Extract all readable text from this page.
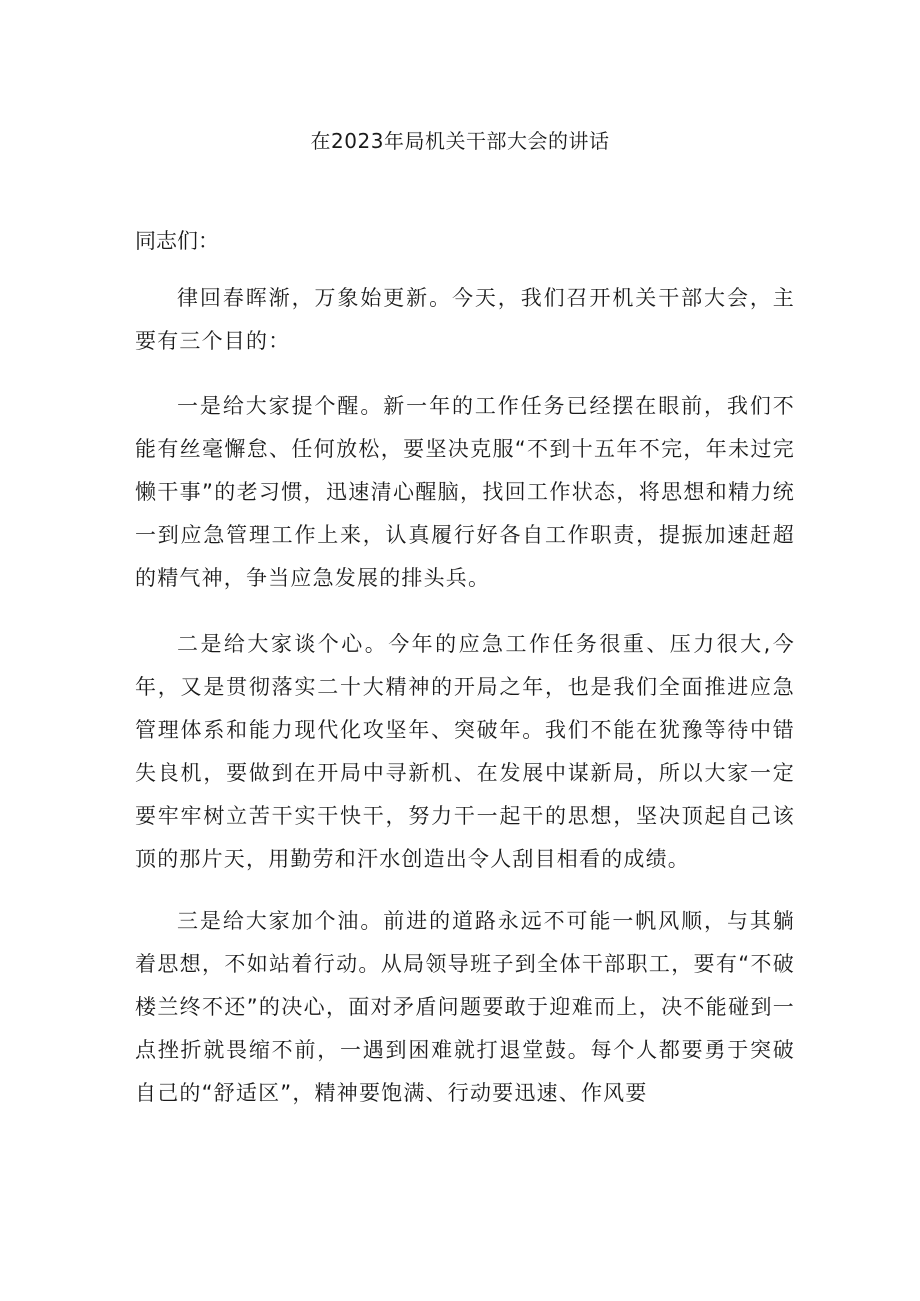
在2023年局机关干部大会的讲话
同志们：

律回春晖渐，万象始更新。今天，我们召开机关干部大会，主要有三个目的：

一是给大家提个醒。新一年的工作任务已经摆在眼前，我们不能有丝毫懈怠、任何放松，要坚决克服“不到十五年不完，年未过完懒干事”的老习惯，迅速清心醒脑，找回工作状态，将思想和精力统一到应急管理工作上来，认真履行好各自工作职责，提振加速赶超的精气神，争当应急发展的排头兵。

二是给大家谈个心。今年的应急工作任务很重、压力很大,今年，又是贯彻落实二十大精神的开局之年，也是我们全面推进应急管理体系和能力现代化攻坚年、突破年。我们不能在犹豫等待中错失良机，要做到在开局中寻新机、在发展中谋新局，所以大家一定要牢牢树立苦干实干快干，努力干一起干的思想，坚决顶起自己该顶的那片天，用勤劳和汗水创造出令人刮目相看的成绩。

三是给大家加个油。前进的道路永远不可能一帆风顺，与其躺着思想，不如站着行动。从局领导班子到全体干部职工，要有“不破楼兰终不还”的决心，面对矛盾问题要敢于迎难而上，决不能碰到一点挫折就畏缩不前，一遇到困难就打退堂鼓。每个人都要勇于突破自己的“舒适区”，精神要饱满、行动要迅速、作风要
